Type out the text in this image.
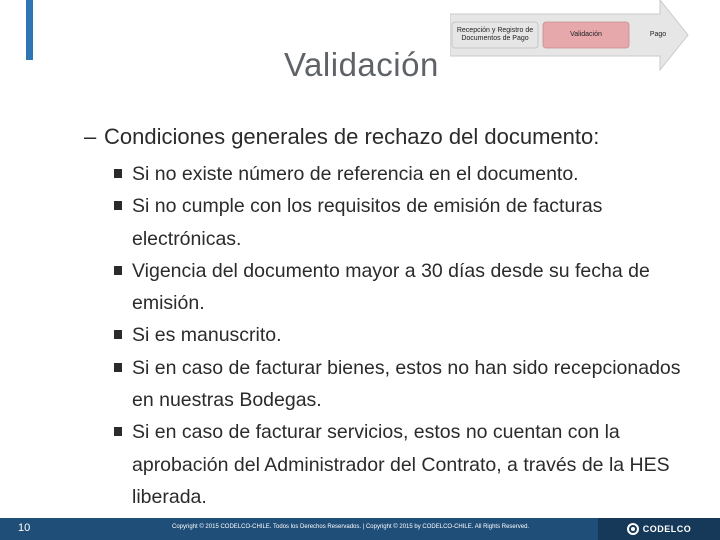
Validación
Recepción y Registro de Documentos de Pago
Validación	Pago
– Condiciones generales de rechazo del documento:
Si no existe número de referencia en el documento.
Si no cumple con los requisitos de emisión de facturas electrónicas.
Vigencia del documento mayor a 30 días desde su fecha de emisión.
Si es manuscrito.
Si en caso de facturar bienes, estos no han sido recepcionados en nuestras Bodegas.
Si en caso de facturar servicios, estos no cuentan con la aprobación del Administrador del Contrato, a través de la HES liberada.
10	Copyright © 2015 CODELCO-CHILE. Todos los Derechos Reservados. | Copyright © 2015 by CODELCO-CHILE. All Rights Reserved.	CODELCO
